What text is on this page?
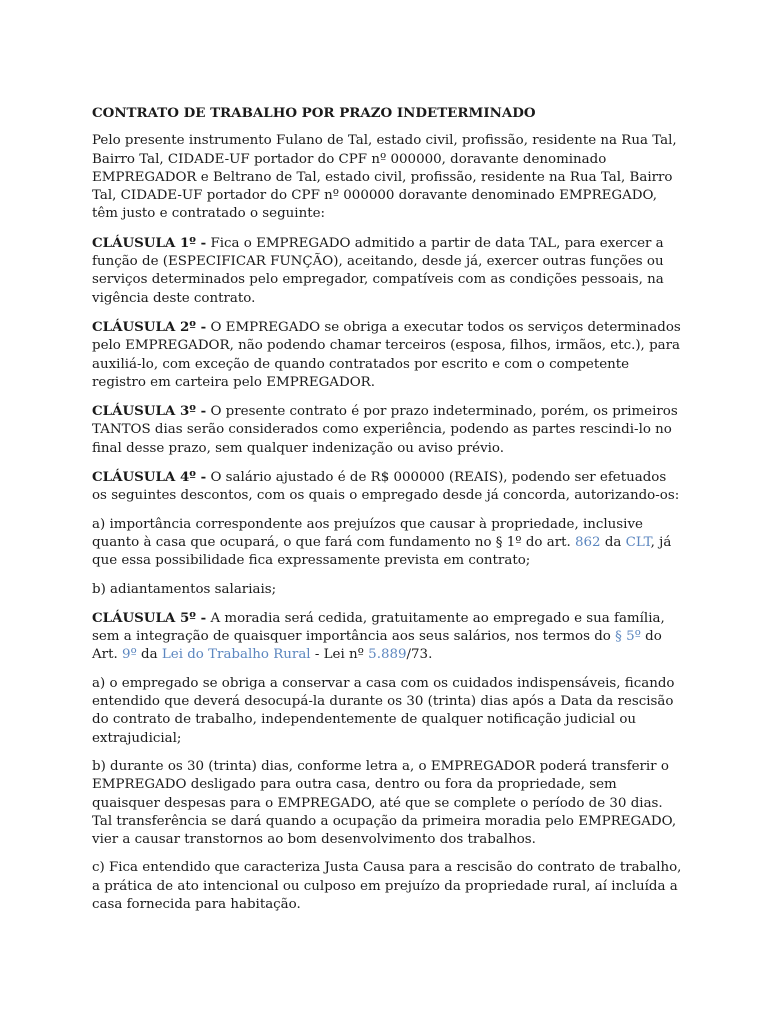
CONTRATO DE TRABALHO POR PRAZO INDETERMINADO

Pelo presente instrumento Fulano de Tal, estado civil, profissão, residente na Rua Tal, Bairro Tal, CIDADE-UF portador do CPF nº 000000, doravante denominado EMPREGADOR e Beltrano de Tal, estado civil, profissão, residente na Rua Tal, Bairro Tal, CIDADE-UF portador do CPF nº 000000 doravante denominado EMPREGADO, têm justo e contratado o seguinte:

CLÁUSULA 1º - Fica o EMPREGADO admitido a partir de data TAL, para exercer a função de (ESPECIFICAR FUNÇÃO), aceitando, desde já, exercer outras funções ou serviços determinados pelo empregador, compatíveis com as condições pessoais, na vigência deste contrato.

CLÁUSULA 2º - O EMPREGADO se obriga a executar todos os serviços determinados pelo EMPREGADOR, não podendo chamar terceiros (esposa, filhos, irmãos, etc.), para auxiliá-lo, com exceção de quando contratados por escrito e com o competente registro em carteira pelo EMPREGADOR.

CLÁUSULA 3º - O presente contrato é por prazo indeterminado, porém, os primeiros TANTOS dias serão considerados como experiência, podendo as partes rescindi-lo no final desse prazo, sem qualquer indenização ou aviso prévio.

CLÁUSULA 4º - O salário ajustado é de R$ 000000 (REAIS), podendo ser efetuados os seguintes descontos, com os quais o empregado desde já concorda, autorizando-os:

a) importância correspondente aos prejuízos que causar à propriedade, inclusive quanto à casa que ocupará, o que fará com fundamento no § 1º do art. 862 da CLT, já que essa possibilidade fica expressamente prevista em contrato;

b) adiantamentos salariais;

CLÁUSULA 5º - A moradia será cedida, gratuitamente ao empregado e sua família, sem a integração de quaisquer importância aos seus salários, nos termos do § 5º do Art. 9º da Lei do Trabalho Rural - Lei nº 5.889/73.

a) o empregado se obriga a conservar a casa com os cuidados indispensáveis, ficando entendido que deverá desocupá-la durante os 30 (trinta) dias após a Data da rescisão do contrato de trabalho, independentemente de qualquer notificação judicial ou extrajudicial;

b) durante os 30 (trinta) dias, conforme letra a, o EMPREGADOR poderá transferir o EMPREGADO desligado para outra casa, dentro ou fora da propriedade, sem quaisquer despesas para o EMPREGADO, até que se complete o período de 30 dias. Tal transferência se dará quando a ocupação da primeira moradia pelo EMPREGADO, vier a causar transtornos ao bom desenvolvimento dos trabalhos.

c) Fica entendido que caracteriza Justa Causa para a rescisão do contrato de trabalho, a prática de ato intencional ou culposo em prejuízo da propriedade rural, aí incluída a casa fornecida para habitação.
